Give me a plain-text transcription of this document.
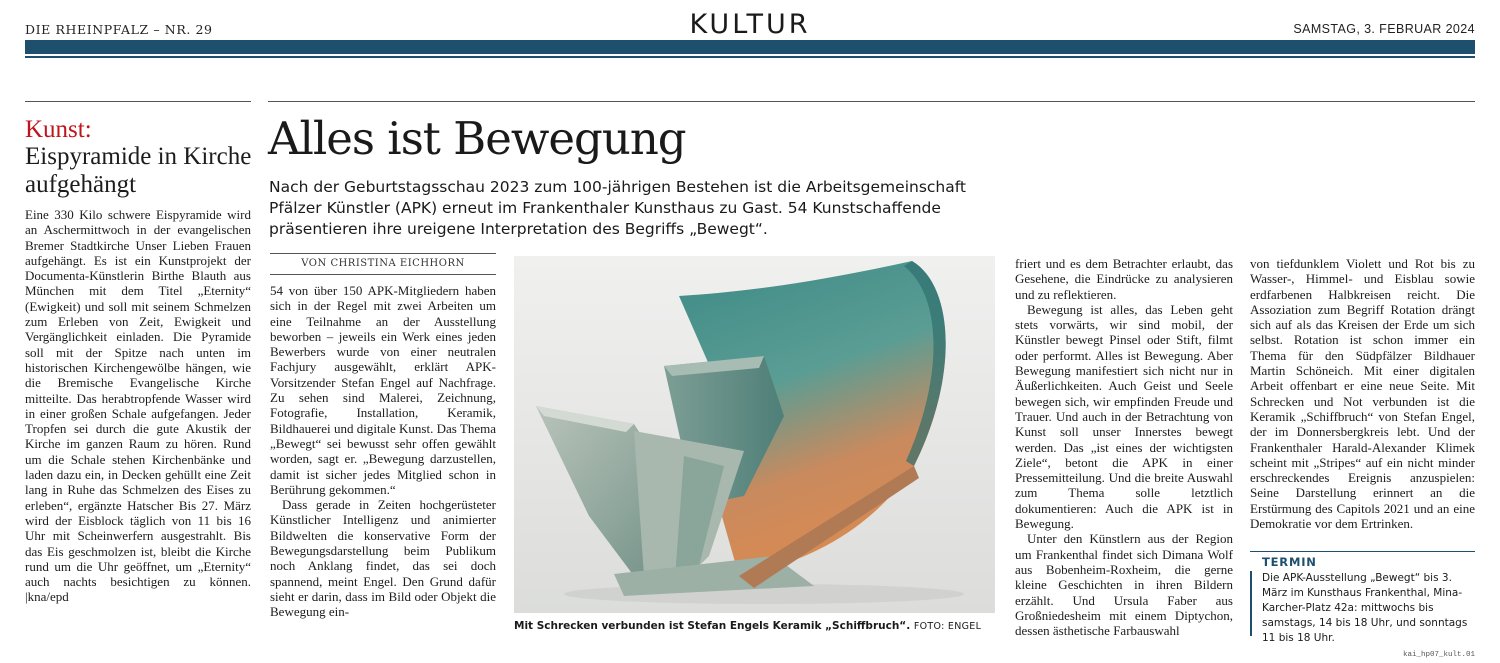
DIE RHEINPFALZ – NR. 29	KULTUR	SAMSTAG, 3. FEBRUAR 2024
Kunst:
Eispyramide in Kirche aufgehängt
Eine 330 Kilo schwere Eispyramide wird an Aschermittwoch in der evangelischen Bremer Stadtkirche Unser Lieben Frauen aufgehängt. Es ist ein Kunstprojekt der Documenta-Künstlerin Birthe Blauth aus München mit dem Titel „Eternity“ (Ewigkeit) und soll mit seinem Schmelzen zum Erleben von Zeit, Ewigkeit und Vergänglichkeit einladen. Die Pyramide soll mit der Spitze nach unten im historischen Kirchengewölbe hängen, wie die Bremische Evangelische Kirche mitteilte. Das herabtropfende Wasser wird in einer großen Schale aufgefangen. Jeder Tropfen sei durch die gute Akustik der Kirche im ganzen Raum zu hören. Rund um die Schale stehen Kirchenbänke und laden dazu ein, in Decken gehüllt eine Zeit lang in Ruhe das Schmelzen des Eises zu erleben“, ergänzte Hatscher Bis 27. März wird der Eisblock täglich von 11 bis 16 Uhr mit Scheinwerfern ausgestrahlt. Bis das Eis geschmolzen ist, bleibt die Kirche rund um die Uhr geöffnet, um „Eternity“ auch nachts besichtigen zu können. |kna/epd
Alles ist Bewegung
Nach der Geburtstagsschau 2023 zum 100-jährigen Bestehen ist die Arbeitsgemeinschaft Pfälzer Künstler (APK) erneut im Frankenthaler Kunsthaus zu Gast. 54 Kunstschaffende präsentieren ihre ureigene Interpretation des Begriffs „Bewegt“.
VON CHRISTINA EICHHORN

54 von über 150 APK-Mitgliedern haben sich in der Regel mit zwei Arbeiten um eine Teilnahme an der Ausstellung beworben – jeweils ein Werk eines jeden Bewerbers wurde von einer neutralen Fachjury ausgewählt, erklärt APK-Vorsitzender Stefan Engel auf Nachfrage. Zu sehen sind Malerei, Zeichnung, Fotografie, Installation, Keramik, Bildhauerei und digitale Kunst. Das Thema „Bewegt“ sei bewusst sehr offen gewählt worden, sagt er. „Bewegung darzustellen, damit ist sicher jedes Mitglied schon in Berührung gekommen.“

Dass gerade in Zeiten hochgerüsteter Künstlicher Intelligenz und animierter Bildwelten die konservative Form der Bewegungsdarstellung beim Publikum noch Anklang findet, das sei doch spannend, meint Engel. Den Grund dafür sieht er darin, dass im Bild oder Objekt die Bewegung ein-

Mit Schrecken verbunden ist Stefan Engels Keramik „Schiffbruch“. FOTO: ENGEL

friert und es dem Betrachter erlaubt, das Gesehene, die Eindrücke zu analysieren und zu reflektieren.

Bewegung ist alles, das Leben geht stets vorwärts, wir sind mobil, der Künstler bewegt Pinsel oder Stift, filmt oder performt. Alles ist Bewegung. Aber Bewegung manifestiert sich nicht nur in Äußerlichkeiten. Auch Geist und Seele bewegen sich, wir empfinden Freude und Trauer. Und auch in der Betrachtung von Kunst soll unser Innerstes bewegt werden. Das „ist eines der wichtigsten Ziele“, betont die APK in einer Pressemitteilung. Und die breite Auswahl zum Thema solle letztlich dokumentieren: Auch die APK ist in Bewegung.

Unter den Künstlern aus der Region um Frankenthal findet sich Dimana Wolf aus Bobenheim-Roxheim, die gerne kleine Geschichten in ihren Bildern erzählt. Und Ursula Faber aus Großniedesheim mit einem Diptychon, dessen ästhetische Farbauswahl

von tiefdunklem Violett und Rot bis zu Wasser-, Himmel- und Eisblau sowie erdfarbenen Halbkreisen reicht. Die Assoziation zum Begriff Rotation drängt sich auf als das Kreisen der Erde um sich selbst. Rotation ist schon immer ein Thema für den Südpfälzer Bildhauer Martin Schöneich. Mit einer digitalen Arbeit offenbart er eine neue Seite. Mit Schrecken und Not verbunden ist die Keramik „Schiffbruch“ von Stefan Engel, der im Donnersbergkreis lebt. Und der Frankenthaler Harald-Alexander Klimek scheint mit „Stripes“ auf ein nicht minder erschreckendes Ereignis anzuspielen: Seine Darstellung erinnert an die Erstürmung des Capitols 2021 und an eine Demokratie vor dem Ertrinken.

TERMIN
Die APK-Ausstellung „Bewegt“ bis 3. März im Kunsthaus Frankenthal, Mina-Karcher-Platz 42a: mittwochs bis samstags, 14 bis 18 Uhr, und sonntags 11 bis 18 Uhr.
kai_hp07_kult.01
